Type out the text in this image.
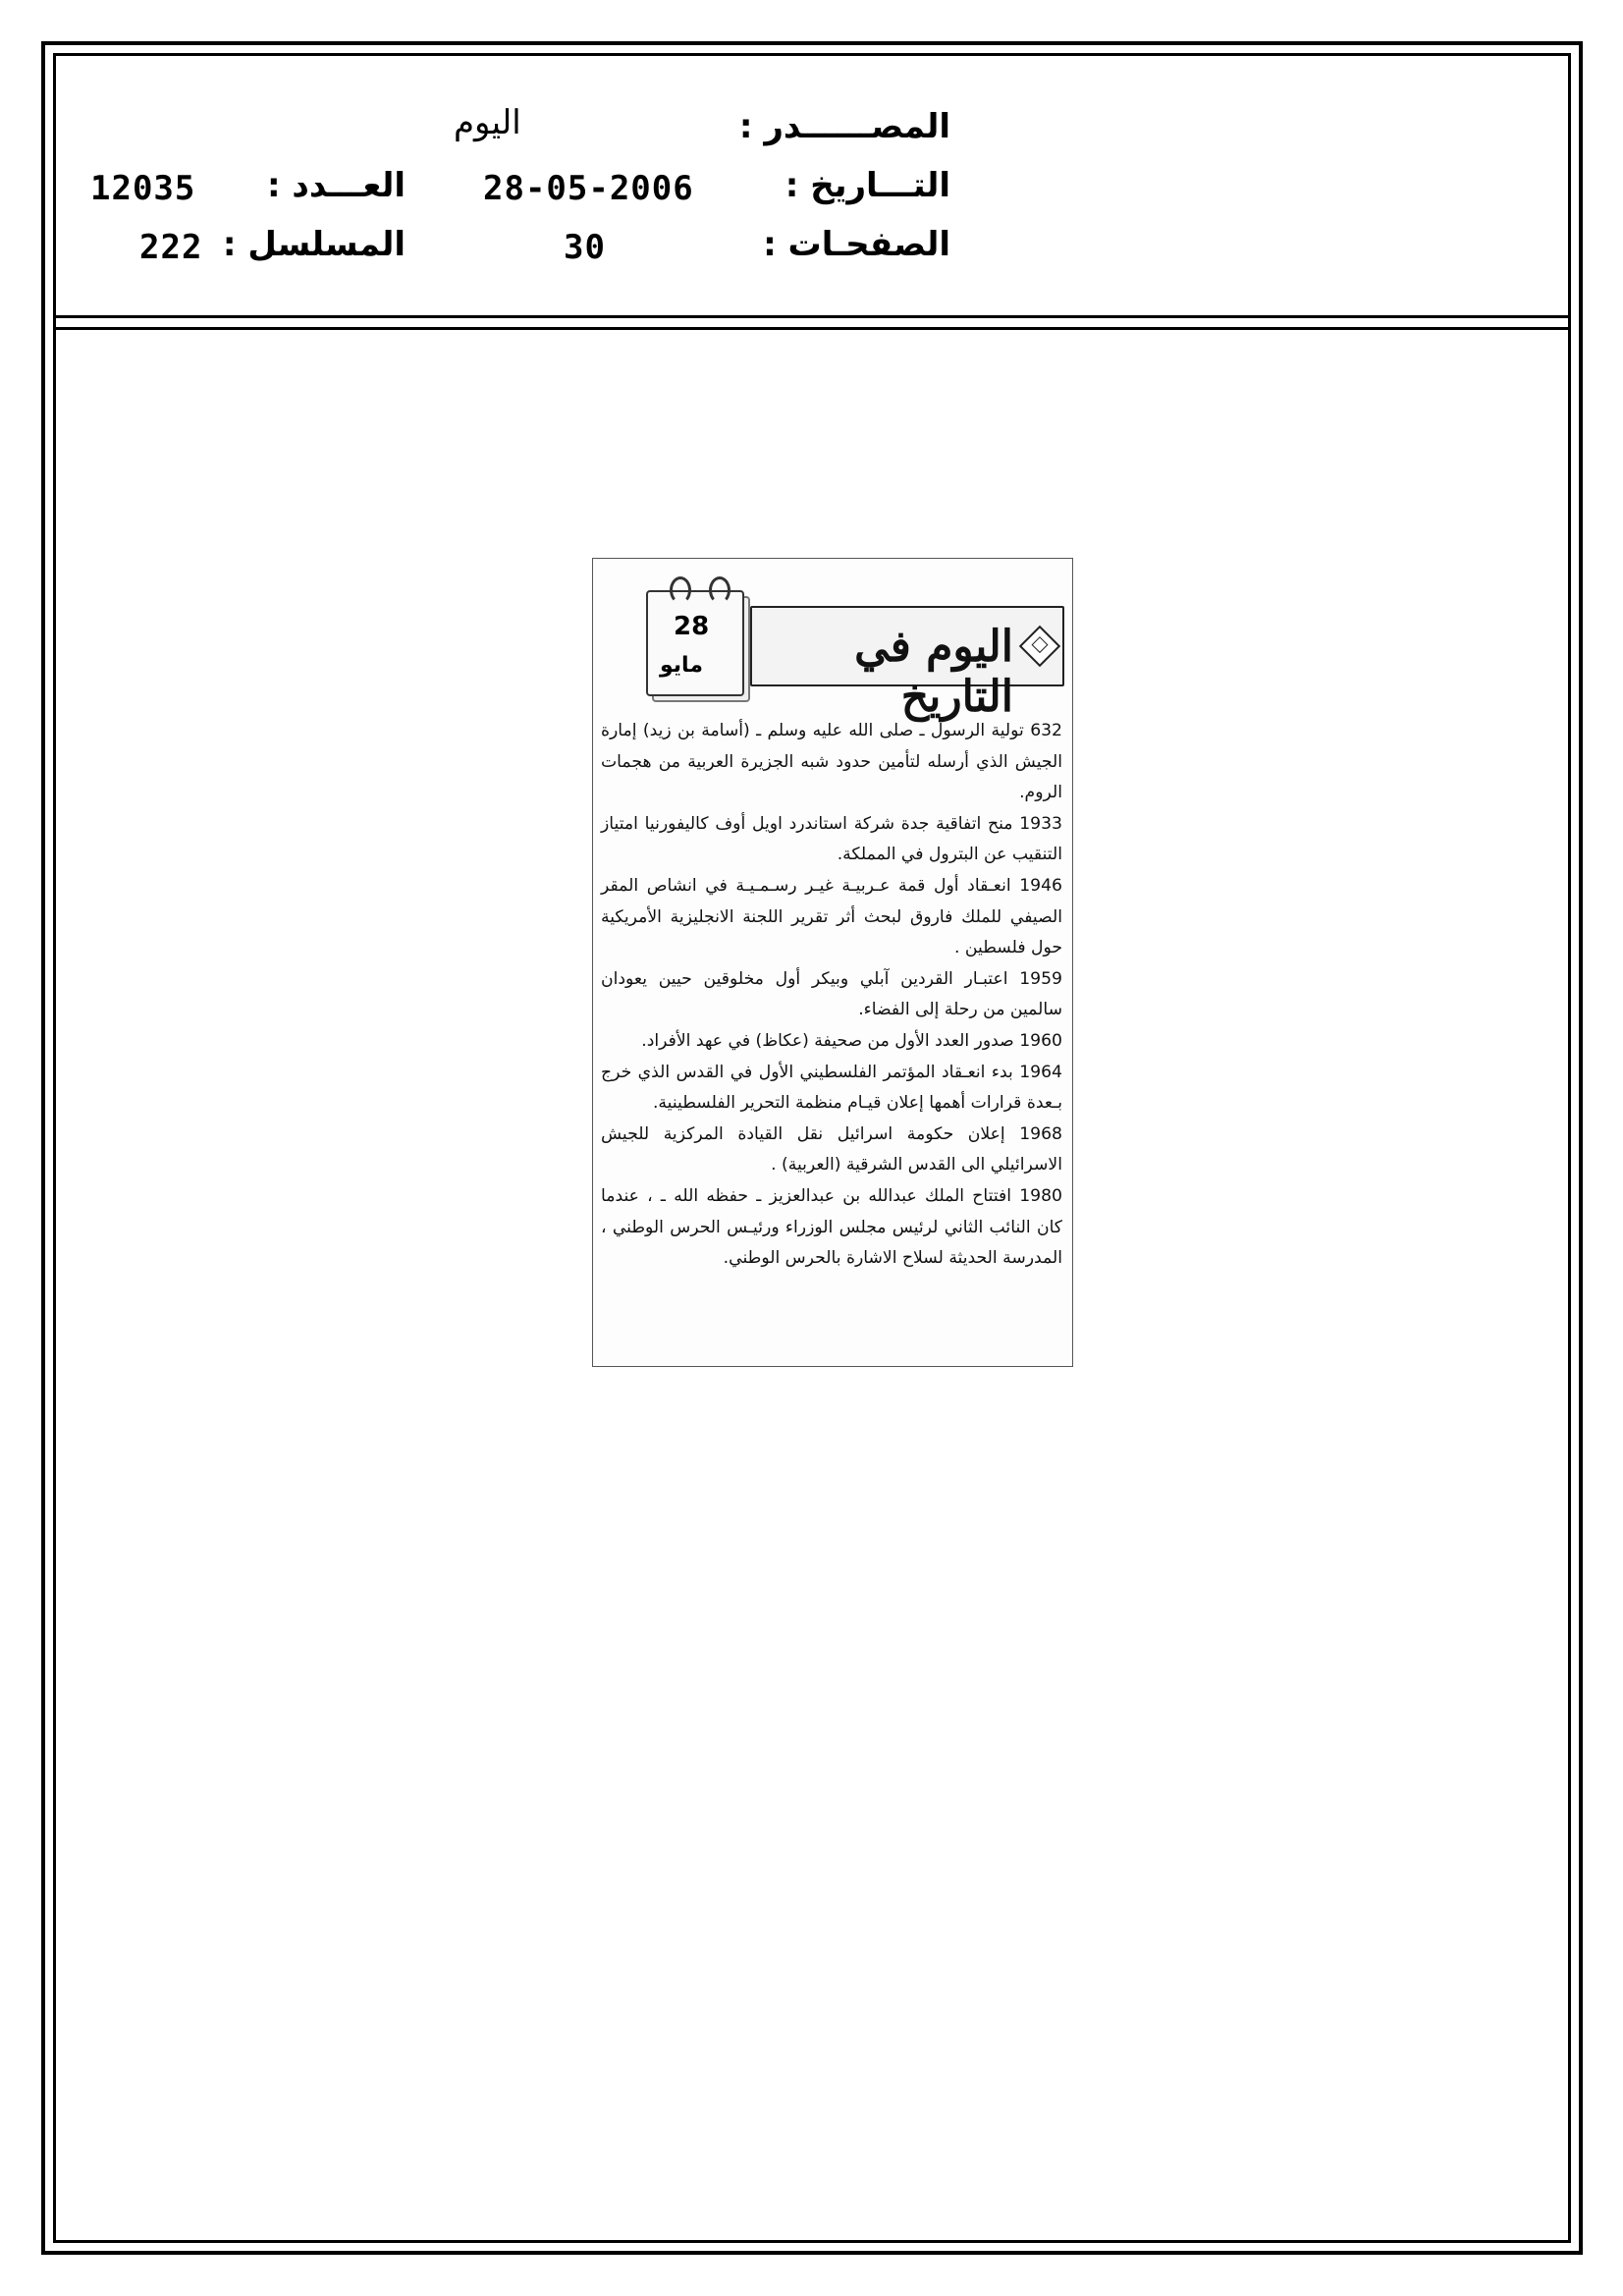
المصــــــدر :
التـــاريخ :
الصفحـات :
اليوم
28-05-2006
30
العـــدد :
المسلسل :
12035
222
28
مايو	اليوم في التاريخ

632 تولية الرسول ـ صلى الله عليه وسلم ـ (أسامة بن زيد) إمارة الجيش الذي أرسله لتأمين حدود شبه الجزيرة العربية من هجمات الروم.

1933 منح اتفاقية جدة شركة استاندرد اويل أوف كاليفورنيا امتياز التنقيب عن البترول في المملكة.

1946 انعـقاد أول قمة عـربيـة غيـر رسـمـيـة في انشاص المقر الصيفي للملك فاروق لبحث أثر تقرير اللجنة الانجليزية الأمريكية حول فلسطين .

1959 اعتبـار القردين آبلي وبيكر أول مخلوقين حيين يعودان سالمين من رحلة إلى الفضاء.

1960 صدور العدد الأول من صحيفة (عكاظ) في عهد الأفراد.

1964 بدء انعـقاد المؤتمر الفلسطيني الأول في القدس الذي خرج بـعدة قرارات أهمها إعلان قيـام منظمة التحرير الفلسطينية.

1968 إعلان حكومة اسرائيل نقل القيادة المركزية للجيش الاسرائيلي الى القدس الشرقية (العربية) .

1980 افتتاح الملك عبدالله بن عبدالعزيز ـ حفظه الله ـ ، عندما كان النائب الثاني لرئيس مجلس الوزراء ورئيـس الحرس الوطني ، المدرسة الحديثة لسلاح الاشارة بالحرس الوطني.
